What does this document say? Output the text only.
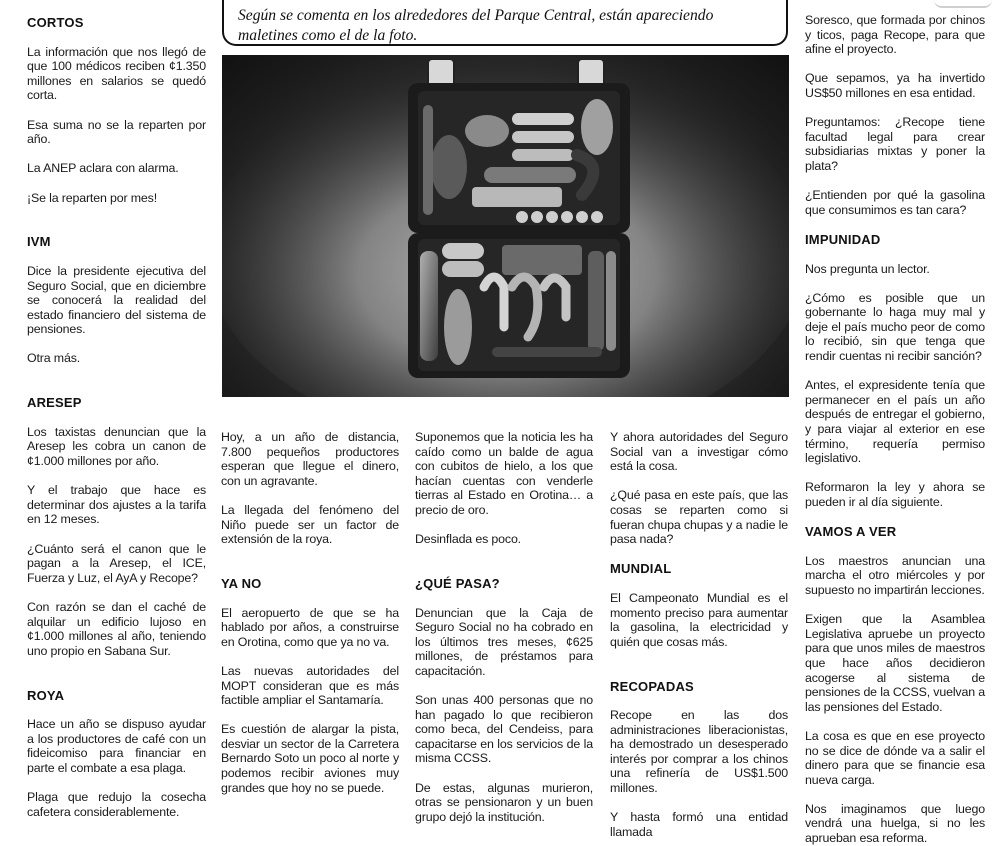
CORTOS

La información que nos llegó de que 100 médicos reciben ¢1.350 millones en salarios se quedó corta.

Esa suma no se la reparten por año.

La ANEP aclara con alarma.

¡Se la reparten por mes!

IVM

Dice la presidente ejecutiva del Seguro Social, que en diciembre se conocerá la realidad del estado financiero del sistema de pensiones.

Otra más.

ARESEP

Los taxistas denuncian que la Aresep les cobra un canon de ¢1.000 millones por año.

Y el trabajo que hace es determinar dos ajustes a la tarifa en 12 meses.

¿Cuánto será el canon que le pagan a la Aresep, el ICE, Fuerza y Luz, el AyA y Recope?

Con razón se dan el caché de alquilar un edificio lujoso en ¢1.000 millones al año, teniendo uno propio en Sabana Sur.

ROYA

Hace un año se dispuso ayudar a los productores de café con un fideicomiso para financiar en parte el combate a esa plaga.

Plaga que redujo la cosecha cafetera considerablemente.

Según se comenta en los alrededores del Parque Central, están apareciendo maletines como el de la foto.

Hoy, a un año de distancia, 7.800 pequeños productores esperan que llegue el dinero, con un agravante.

La llegada del fenómeno del Niño puede ser un factor de extensión de la roya.

YA NO

El aeropuerto de que se ha hablado por años, a construirse en Orotina, como que ya no va.

Las nuevas autoridades del MOPT consideran que es más factible ampliar el Santamaría.

Es cuestión de alargar la pista, desviar un sector de la Carretera Bernardo Soto un poco al norte y podemos recibir aviones muy grandes que hoy no se puede.

Suponemos que la noticia les ha caído como un balde de agua con cubitos de hielo, a los que hacían cuentas con venderle tierras al Estado en Orotina… a precio de oro.

Desinflada es poco.

¿QUÉ PASA?

Denuncian que la Caja de Seguro Social no ha cobrado en los últimos tres meses, ¢625 millones, de préstamos para capacitación.

Son unas 400 personas que no han pagado lo que recibieron como beca, del Cendeiss, para capacitarse en los servicios de la misma CCSS.

De estas, algunas murieron, otras se pensionaron y un buen grupo dejó la institución.

Y ahora autoridades del Seguro Social van a investigar cómo está la cosa.

¿Qué pasa en este país, que las cosas se reparten como si fueran chupa chupas y a nadie le pasa nada?

MUNDIAL

El Campeonato Mundial es el momento preciso para aumentar la gasolina, la electricidad y quién que cosas más.

RECOPADAS

Recope en las dos administraciones liberacionistas, ha demostrado un desesperado interés por comprar a los chinos una refinería de US$1.500 millones.

Y hasta formó una entidad llamada

Soresco, que formada por chinos y ticos, paga Recope, para que afine el proyecto.

Que sepamos, ya ha invertido US$50 millones en esa entidad.

Preguntamos: ¿Recope tiene facultad legal para crear subsidiarias mixtas y poner la plata?

¿Entienden por qué la gasolina que consumimos es tan cara?

IMPUNIDAD

Nos pregunta un lector.

¿Cómo es posible que un gobernante lo haga muy mal y deje el país mucho peor de como lo recibió, sin que tenga que rendir cuentas ni recibir sanción?

Antes, el expresidente tenía que permanecer en el país un año después de entregar el gobierno, y para viajar al exterior en ese término, requería permiso legislativo.

Reformaron la ley y ahora se pueden ir al día siguiente.

VAMOS A VER

Los maestros anuncian una marcha el otro miércoles y por supuesto no impartirán lecciones.

Exigen que la Asamblea Legislativa apruebe un proyecto para que unos miles de maestros que hace años decidieron acogerse al sistema de pensiones de la CCSS, vuelvan a las pensiones del Estado.

La cosa es que en ese proyecto no se dice de dónde va a salir el dinero para que se financie esa nueva carga.

Nos imaginamos que luego vendrá una huelga, si no les aprueban esa reforma.
